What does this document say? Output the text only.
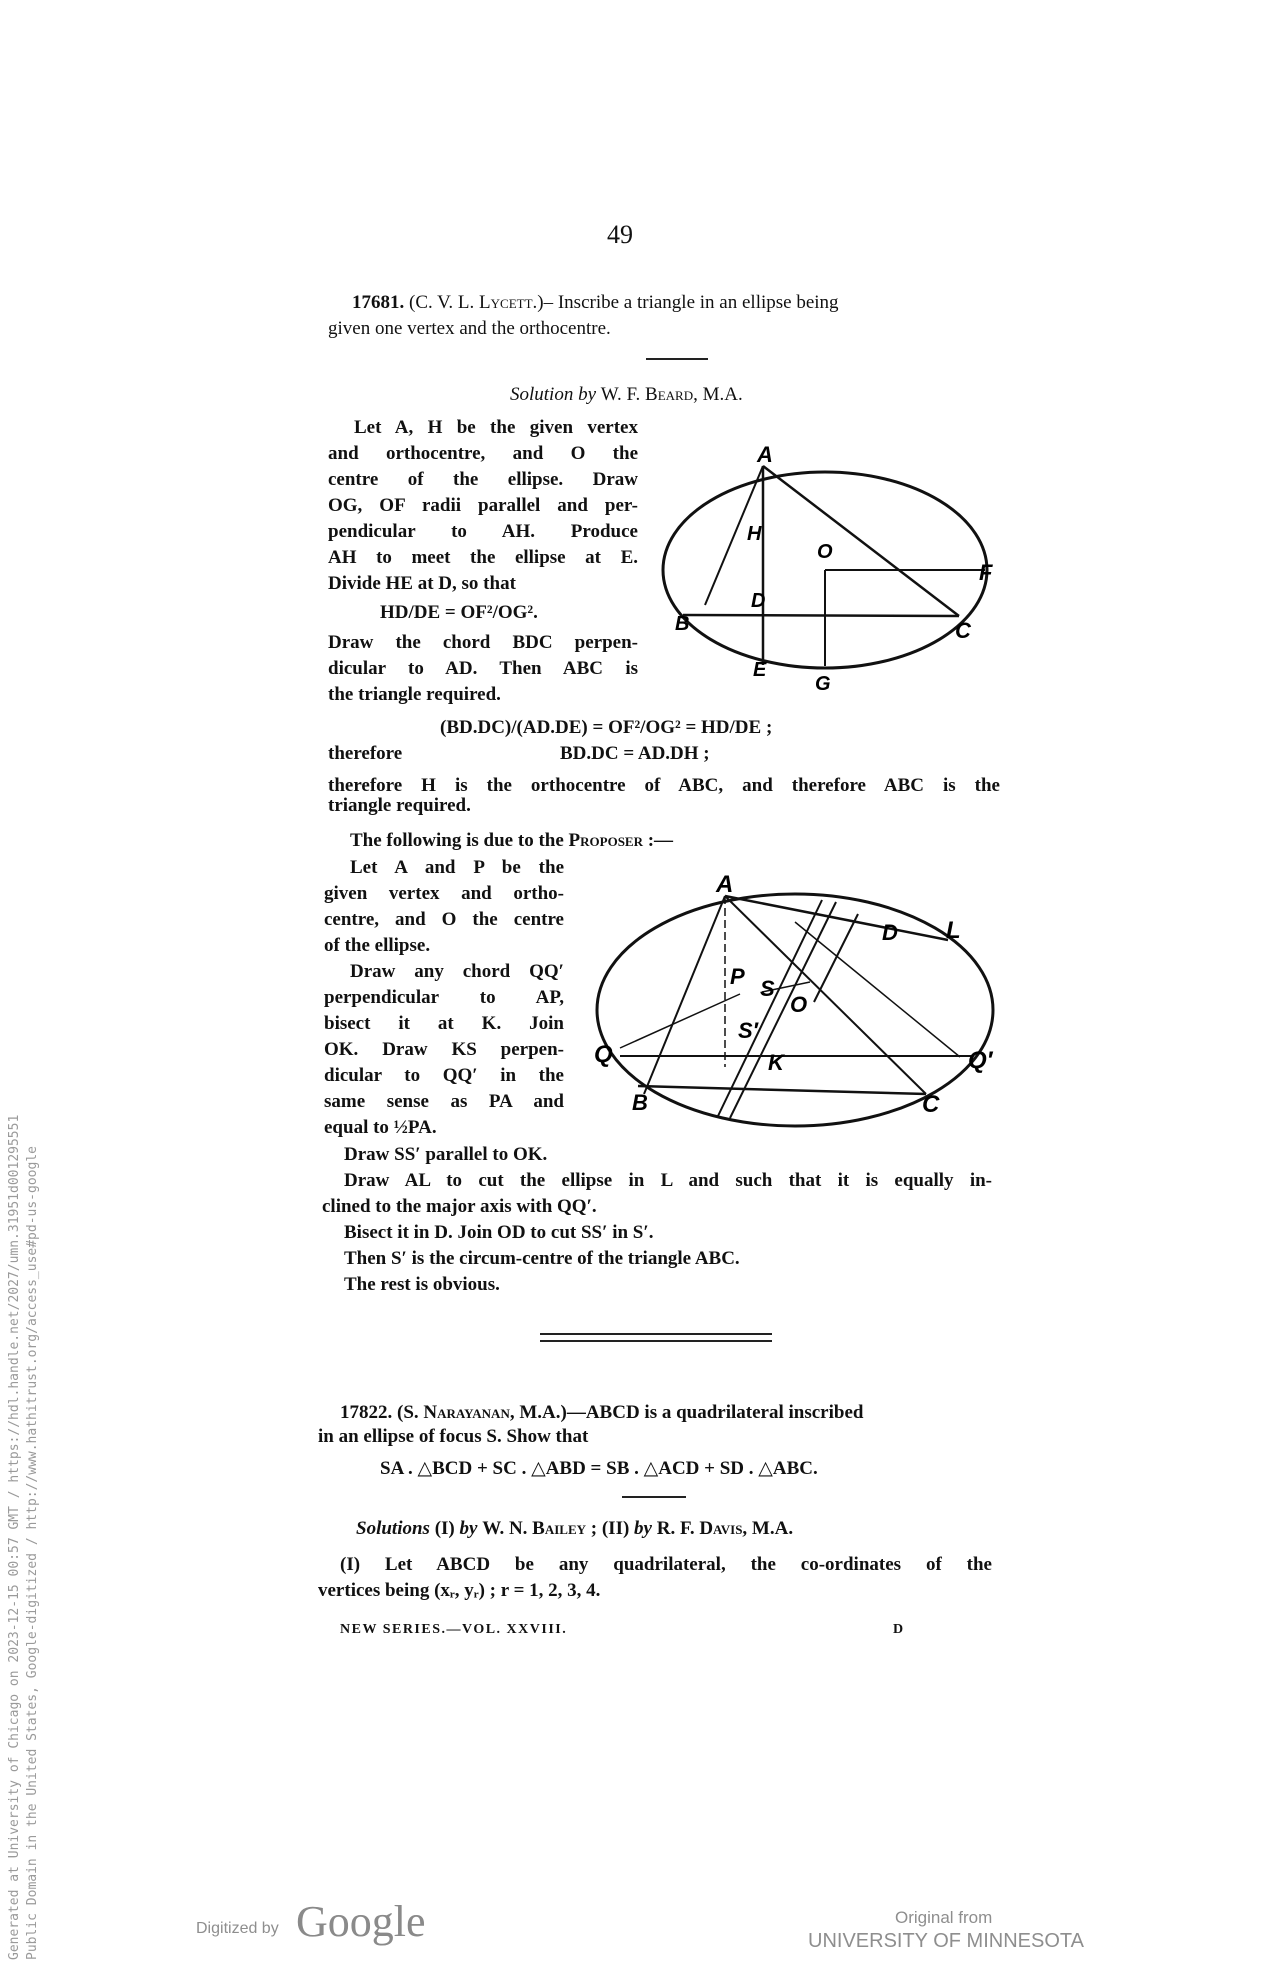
49
17681. (C. V. L. Lycett.)– Inscribe a triangle in an ellipse being
given one vertex and the orthocentre.
Solution by W. F. Beard, M.A.
Let A, H be the given vertex
and orthocentre, and O the
centre of the ellipse. Draw
OG, OF radii parallel and per-
pendicular to AH. Produce
AH to meet the ellipse at E.
Divide HE at D, so that
HD/DE = OF²/OG².
Draw the chord BDC perpen-
dicular to AD. Then ABC is
the triangle required.
A
H
O
F
D
B	C
E
G
(BD.DC)/(AD.DE) = OF²/OG² = HD/DE ;
therefore	BD.DC = AD.DH ;
therefore H is the orthocentre of ABC, and therefore ABC is the
triangle required.
The following is due to the Proposer :—
Let A and P be the
given vertex and ortho-
centre, and O the centre
of the ellipse.
Draw any chord QQ′
perpendicular to AP,
bisect it at K. Join
OK. Draw KS perpen-
dicular to QQ′ in the
same sense as PA and
equal to ½PA.
A
D L
P S
O
S′
Q	Q′
K
B	C
Draw SS′ parallel to OK.
Draw AL to cut the ellipse in L and such that it is equally in-
clined to the major axis with QQ′.
Bisect it in D. Join OD to cut SS′ in S′.
Then S′ is the circum-centre of the triangle ABC.
The rest is obvious.
17822. (S. Narayanan, M.A.)—ABCD is a quadrilateral inscribed
in an ellipse of focus S. Show that
SA . △BCD + SC . △ABD = SB . △ACD + SD . △ABC.
Solutions (I) by W. N. Bailey ; (II) by R. F. Davis, M.A.
(I) Let ABCD be any quadrilateral, the co-ordinates of the
vertices being (xᵣ, yᵣ) ; r = 1, 2, 3, 4.
NEW SERIES.—VOL. XXVIII.	D
Generated at University of Chicago on 2023-12-15 00:57 GMT / https://hdl.handle.net/2027/umn.31951d001295551 Public Domain in the United States, Google-digitized / http://www.hathitrust.org/access_use#pd-us-google	Digitized by Google	Original from
UNIVERSITY OF MINNESOTA
